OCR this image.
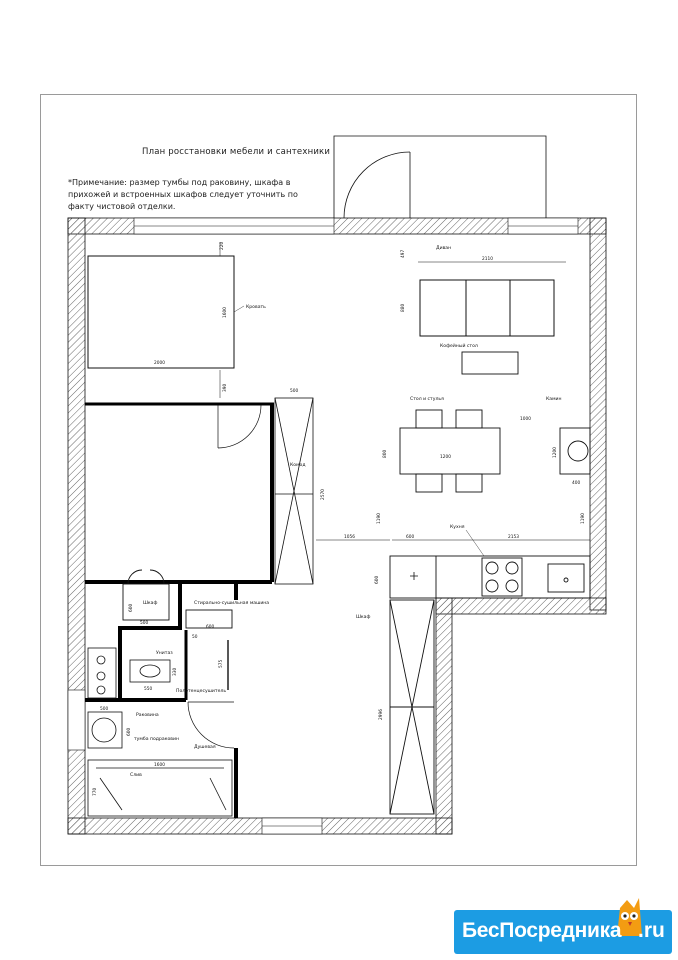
План росстановки мебели и сантехники
*Примечание: размер тумбы под раковину, шкафа в прихожей и встроенных шкафов следует уточнить по факту чистовой отделки.
220
1600
2000
390
Кровать
500
2570
Комод
Диван
2110
497
880
Кофейный стол
Стол и стулья
1200
800
1000
Камин
1200
400
1190	1190
1056	600	2153
600
Кухня
Шкаф
2996
Шкаф
600
500
Стирально-сушильная машина
600
50
Унитаз
550
330
Полотенцесушитель
575
Раковина
тумба подраковин
500
600
Душевая
Слив
1600
770
БесПосредника .ru
